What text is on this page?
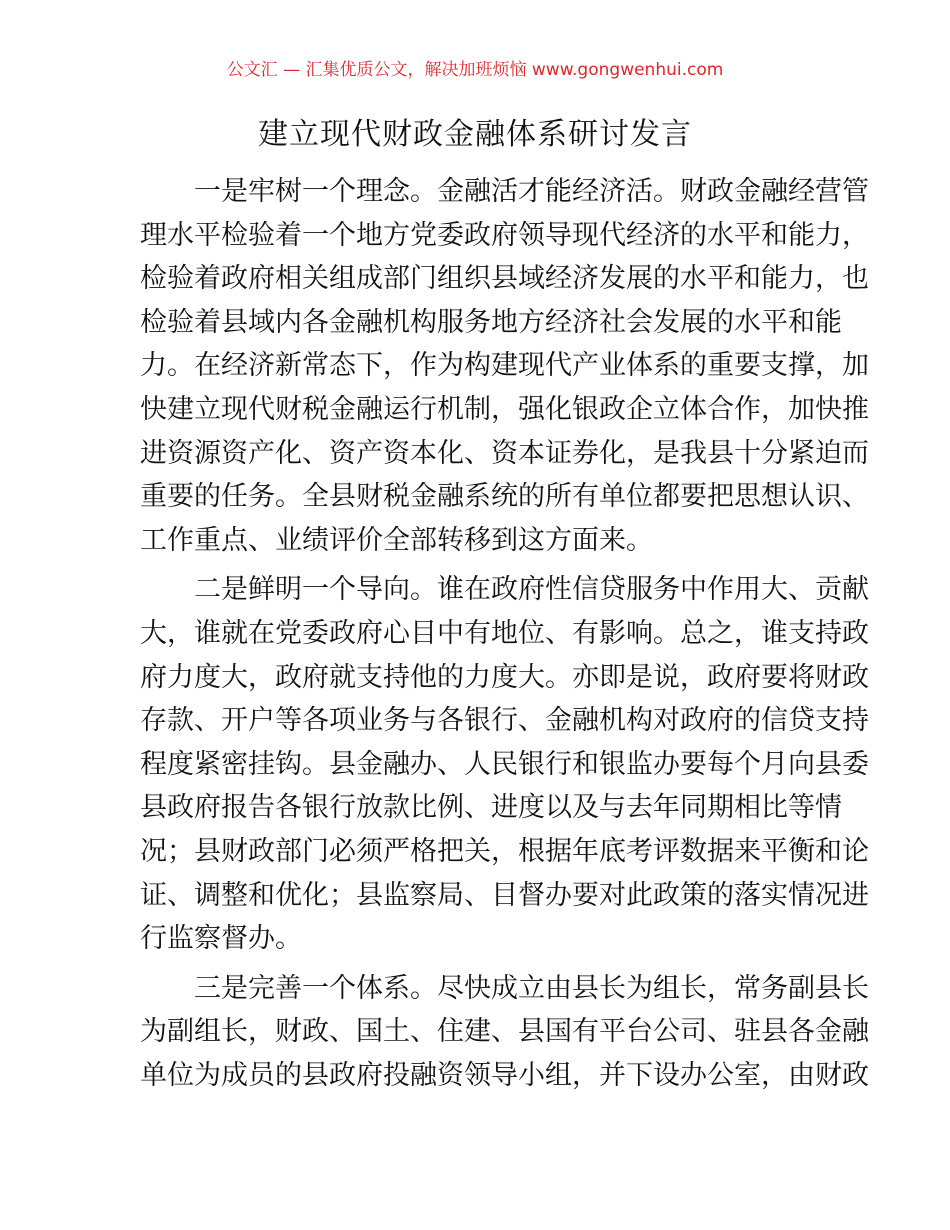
公文汇 — 汇集优质公文，解决加班烦恼 www.gongwenhui.com
建立现代财政金融体系研讨发言
一是牢树一个理念。金融活才能经济活。财政金融经营管
理水平检验着一个地方党委政府领导现代经济的水平和能力，
检验着政府相关组成部门组织县域经济发展的水平和能力，也
检验着县域内各金融机构服务地方经济社会发展的水平和能
力。在经济新常态下，作为构建现代产业体系的重要支撑，加
快建立现代财税金融运行机制，强化银政企立体合作，加快推
进资源资产化、资产资本化、资本证券化，是我县十分紧迫而
重要的任务。全县财税金融系统的所有单位都要把思想认识、
工作重点、业绩评价全部转移到这方面来。
二是鲜明一个导向。谁在政府性信贷服务中作用大、贡献
大，谁就在党委政府心目中有地位、有影响。总之，谁支持政
府力度大，政府就支持他的力度大。亦即是说，政府要将财政
存款、开户等各项业务与各银行、金融机构对政府的信贷支持
程度紧密挂钩。县金融办、人民银行和银监办要每个月向县委
县政府报告各银行放款比例、进度以及与去年同期相比等情
况；县财政部门必须严格把关，根据年底考评数据来平衡和论
证、调整和优化；县监察局、目督办要对此政策的落实情况进
行监察督办。
三是完善一个体系。尽快成立由县长为组长，常务副县长
为副组长，财政、国土、住建、县国有平台公司、驻县各金融
单位为成员的县政府投融资领导小组，并下设办公室，由财政
